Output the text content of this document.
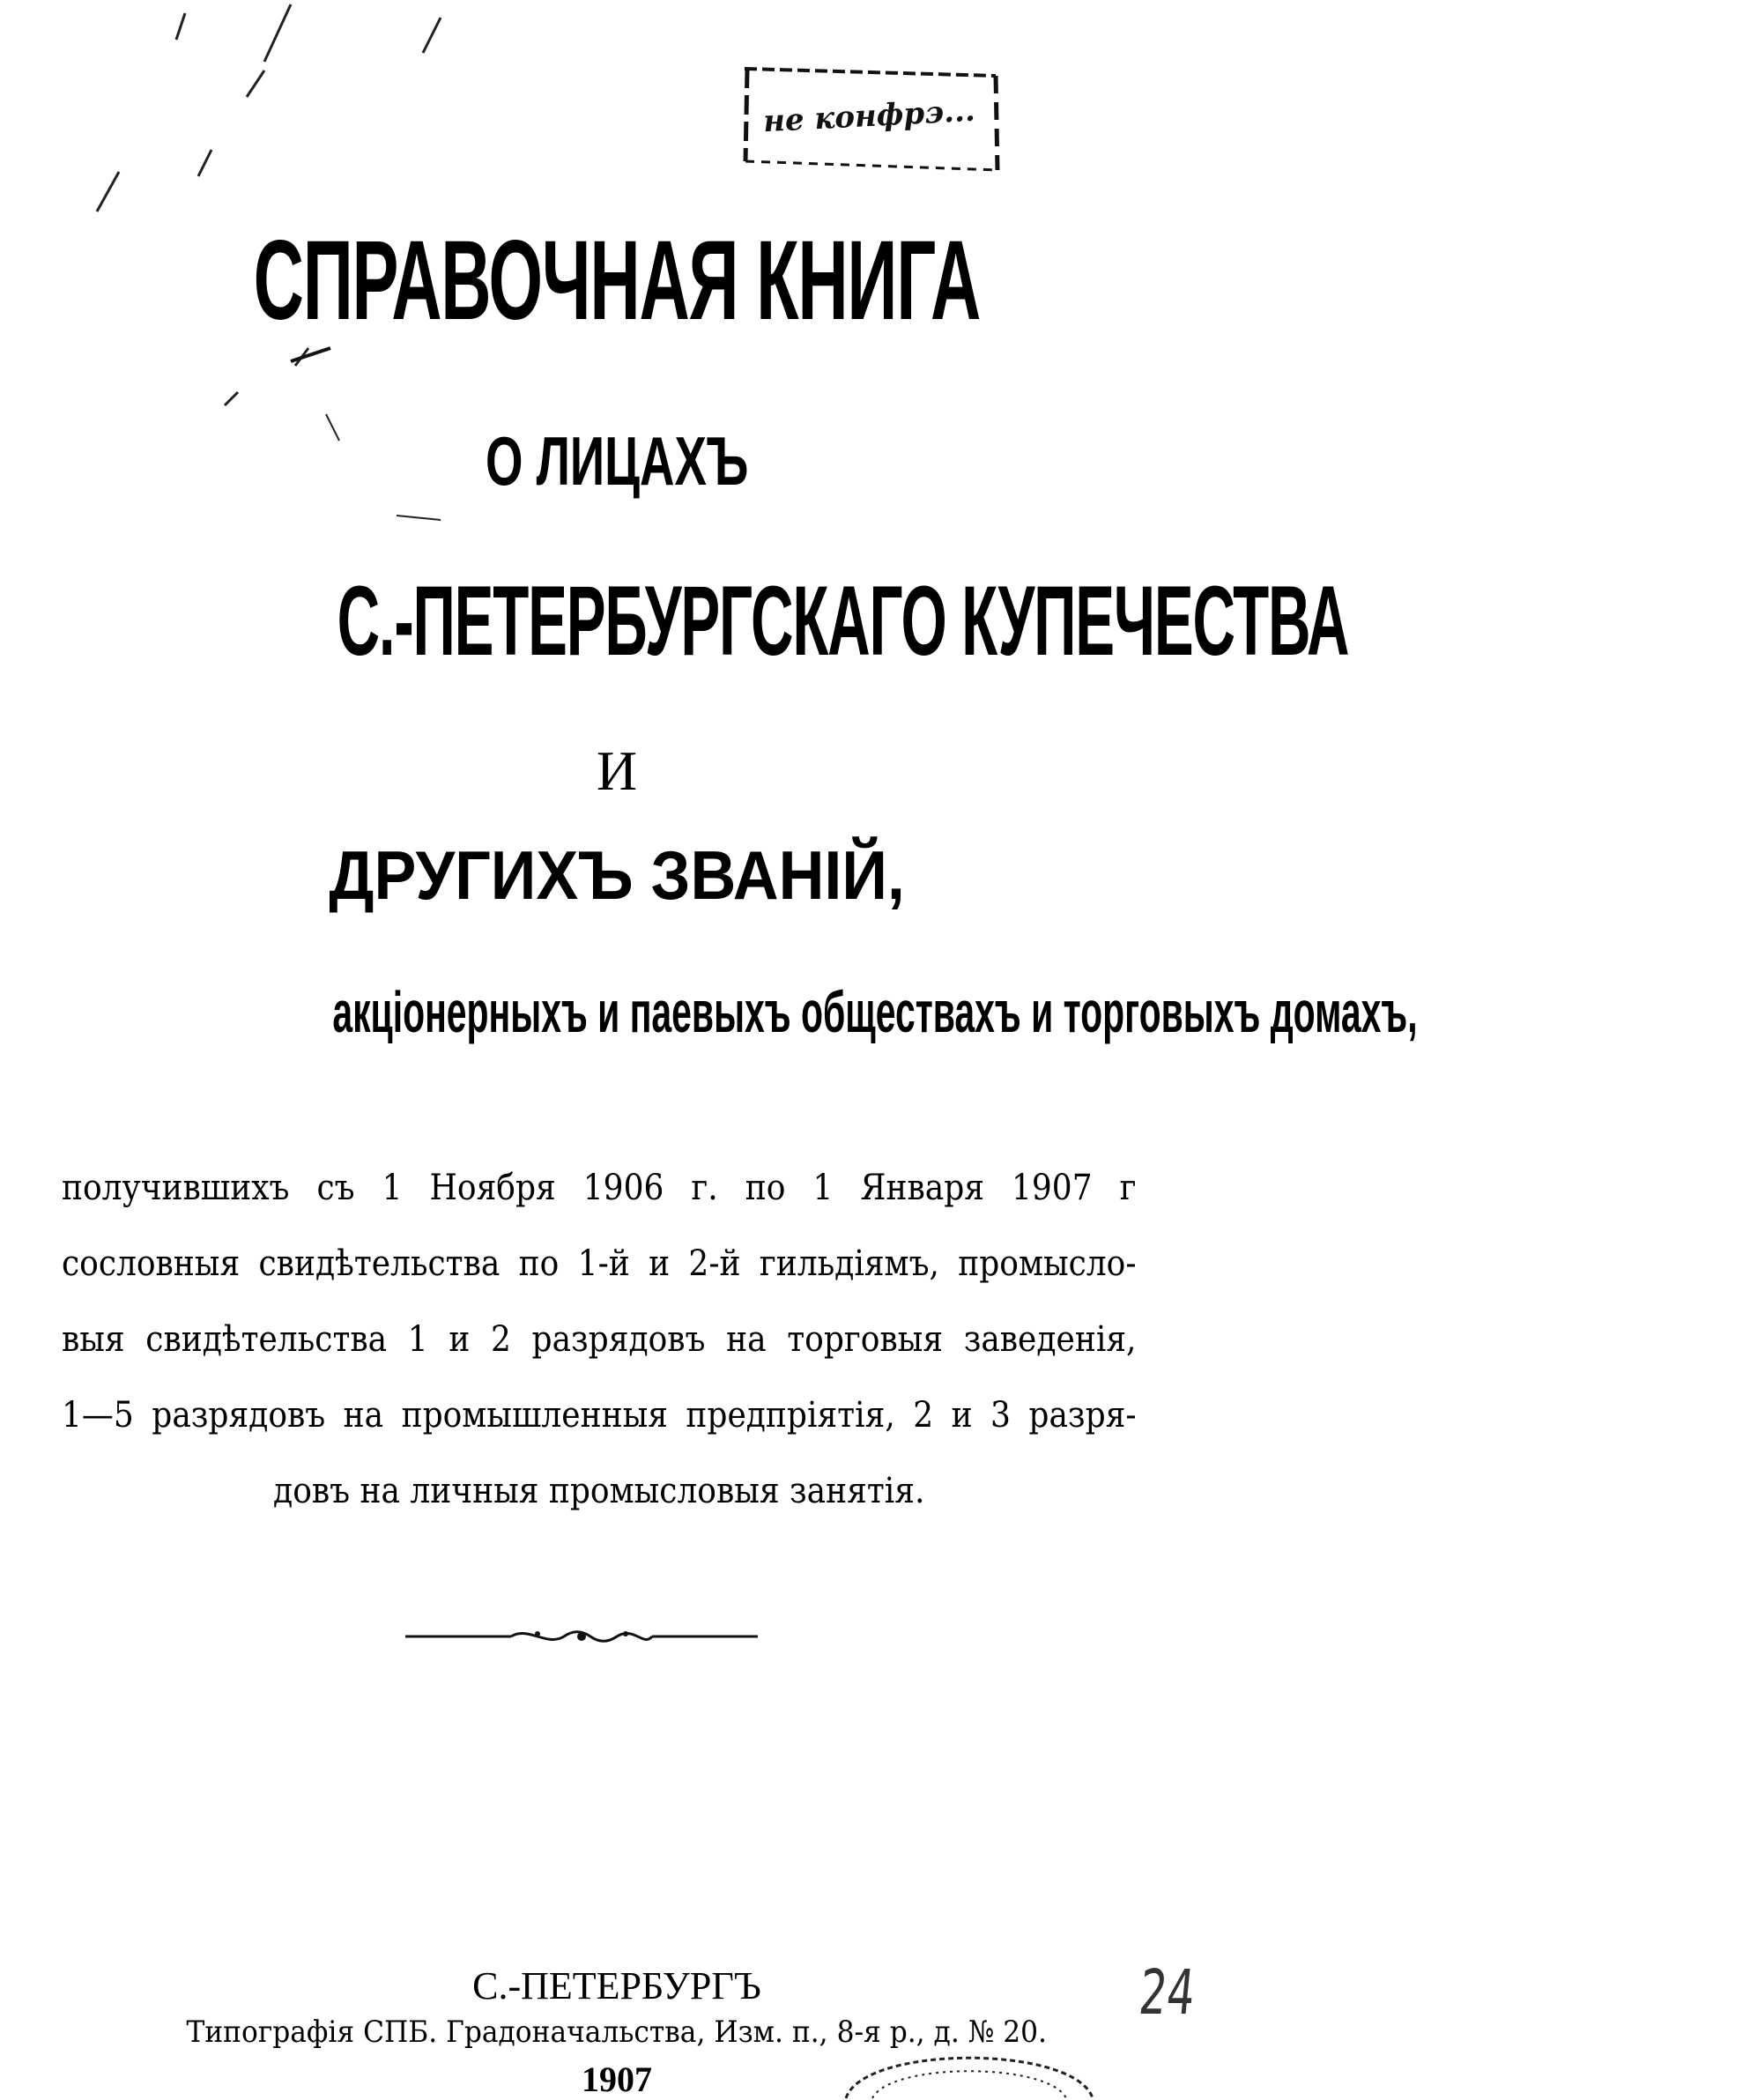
не конфрэ...
СПРАВОЧНАЯ КНИГА
О ЛИЦАХЪ
С.-ПЕТЕРБУРГСКАГО КУПЕЧЕСТВА
И
ДРУГИХЪ ЗВАНІЙ,
акціонерныхъ и паевыхъ обществахъ и торговыхъ домахъ,
получившихъ съ 1 Ноября 1906 г. по 1 Января 1907 г
сословныя свидѣтельства по 1-й и 2-й гильдіямъ, промысло-
выя свидѣтельства 1 и 2 разрядовъ на торговыя заведенія,
1—5 разрядовъ на промышленныя предпріятія, 2 и 3 разря-
довъ на личныя промысловыя занятія.
С.-ПЕТЕРБУРГЪ
Типографія СПБ. Градоначальства, Изм. п., 8-я р., д. № 20.
1907
24
